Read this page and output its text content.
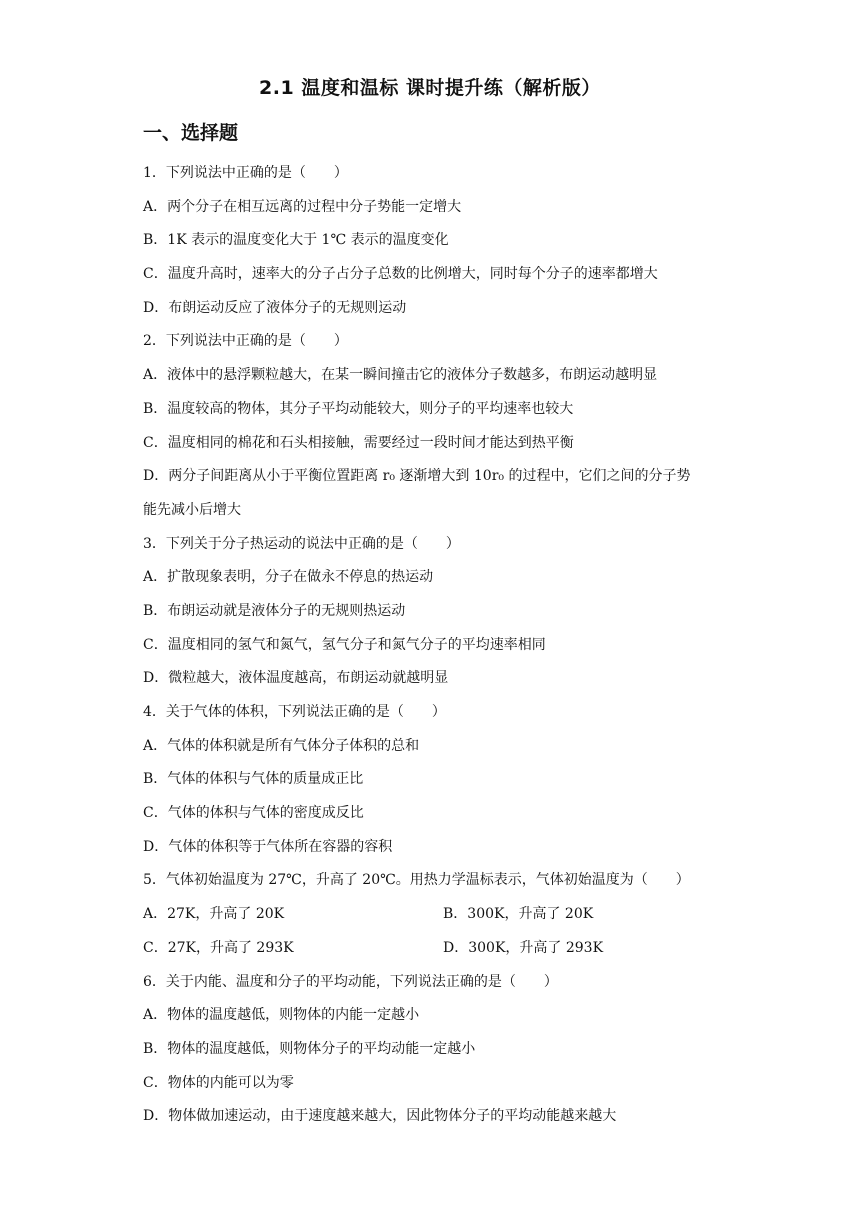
2.1 温度和温标 课时提升练（解析版）
一、选择题
1．下列说法中正确的是（　　）
A．两个分子在相互远离的过程中分子势能一定增大
B．1K 表示的温度变化大于 1℃ 表示的温度变化
C．温度升高时，速率大的分子占分子总数的比例增大，同时每个分子的速率都增大
D．布朗运动反应了液体分子的无规则运动
2．下列说法中正确的是（　　）
A．液体中的悬浮颗粒越大，在某一瞬间撞击它的液体分子数越多，布朗运动越明显
B．温度较高的物体，其分子平均动能较大，则分子的平均速率也较大
C．温度相同的棉花和石头相接触，需要经过一段时间才能达到热平衡
D．两分子间距离从小于平衡位置距离 r₀ 逐渐增大到 10r₀ 的过程中，它们之间的分子势
能先减小后增大
3．下列关于分子热运动的说法中正确的是（　　）
A．扩散现象表明，分子在做永不停息的热运动
B．布朗运动就是液体分子的无规则热运动
C．温度相同的氢气和氮气，氢气分子和氮气分子的平均速率相同
D．微粒越大，液体温度越高，布朗运动就越明显
4．关于气体的体积，下列说法正确的是（　　）
A．气体的体积就是所有气体分子体积的总和
B．气体的体积与气体的质量成正比
C．气体的体积与气体的密度成反比
D．气体的体积等于气体所在容器的容积
5．气体初始温度为 27℃，升高了 20℃。用热力学温标表示，气体初始温度为（　　）
A．27K，升高了 20K	B．300K，升高了 20K
C．27K，升高了 293K	D．300K，升高了 293K
6．关于内能、温度和分子的平均动能，下列说法正确的是（　　）
A．物体的温度越低，则物体的内能一定越小
B．物体的温度越低，则物体分子的平均动能一定越小
C．物体的内能可以为零
D．物体做加速运动，由于速度越来越大，因此物体分子的平均动能越来越大
